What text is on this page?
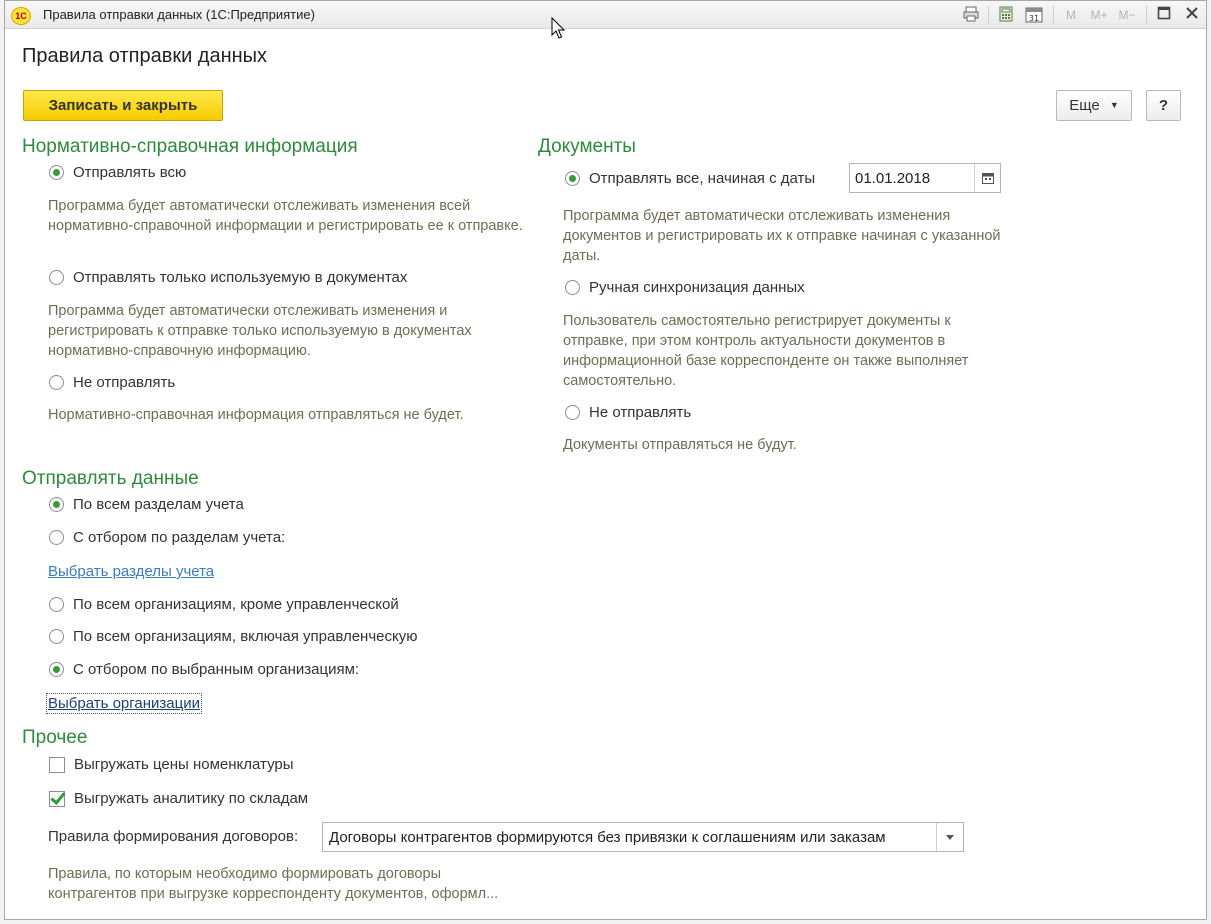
1С	Правила отправки данных (1С:Предприятие)	31 M M+ M−
Правила отправки данных
Записать и закрыть	Еще ▼	?
Нормативно-справочная информация
Отправлять всю
Программа будет автоматически отслеживать изменения всей нормативно-справочной информации и регистрировать ее к отправке.
Отправлять только используемую в документах
Программа будет автоматически отслеживать изменения и регистрировать к отправке только используемую в документах нормативно-справочную информацию.
Не отправлять
Нормативно-справочная информация отправляться не будет.
Документы
Отправлять все, начиная с даты
01.01.2018
Программа будет автоматически отслеживать изменения документов и регистрировать их к отправке начиная с указанной даты.
Ручная синхронизация данных
Пользователь самостоятельно регистрирует документы к отправке, при этом контроль актуальности документов в информационной базе корреспонденте он также выполняет самостоятельно.
Не отправлять
Документы отправляться не будут.
Отправлять данные
По всем разделам учета
С отбором по разделам учета:
Выбрать разделы учета
По всем организациям, кроме управленческой
По всем организациям, включая управленческую
С отбором по выбранным организациям:
Выбрать организации
Прочее
Выгружать цены номенклатуры
Выгружать аналитику по складам
Правила формирования договоров: Договоры контрагентов формируются без привязки к соглашениям или заказам
Правила, по которым необходимо формировать договоры контрагентов при выгрузке корреспонденту документов, оформл...
